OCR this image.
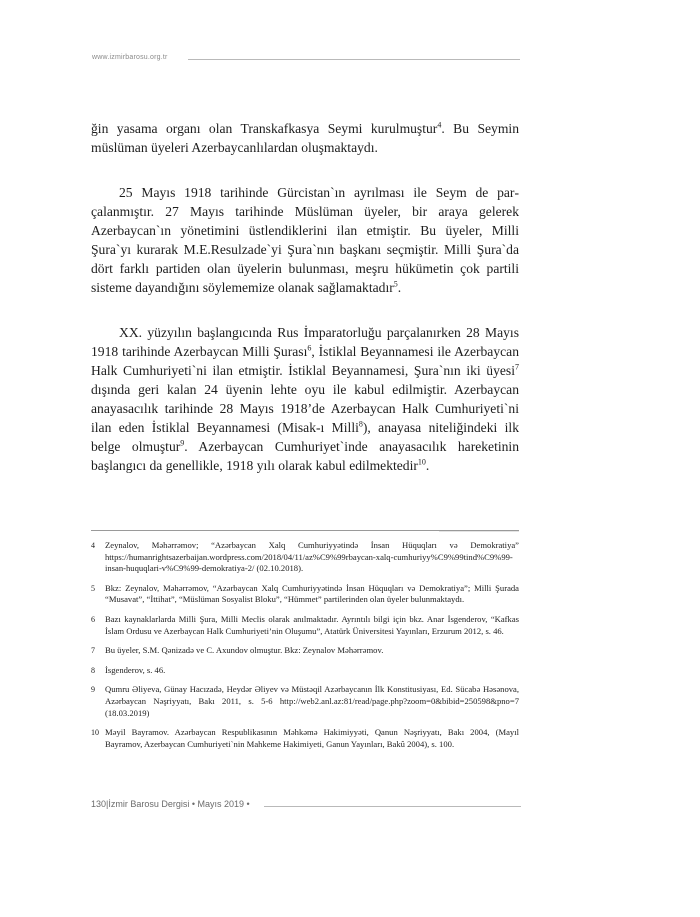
www.izmirbarosu.org.tr

ğin yasama organı olan Transkafkasya Seymi kurulmuştur$^4$. Bu Seymin müslüman üyeleri Azerbaycanlılardan oluşmaktaydı.

25 Mayıs 1918 tarihinde Gürcistan`ın ayrılması ile Seym de parçalanmıştır. 27 Mayıs tarihinde Müslüman üyeler, bir araya gelerek Azerbaycan`ın yönetimini üstlendiklerini ilan etmiştir. Bu üyeler, Milli Şura`yı kurarak M.E.Resulzade`yi Şura`nın başkanı seçmiştir. Milli Şura`da dört farklı partiden olan üyelerin bulunması, meşru hükümetin çok partili sisteme dayandığını söylememize olanak sağlamaktadır$^5$.

XX. yüzyılın başlangıcında Rus İmparatorluğu parçalanırken 28 Mayıs 1918 tarihinde Azerbaycan Milli Şurası$^6$, İstiklal Beyannamesi ile Azerbaycan Halk Cumhuriyeti`ni ilan etmiştir. İstiklal Beyannamesi, Şura`nın iki üyesi$^7$ dışında geri kalan 24 üyenin lehte oyu ile kabul edilmiştir. Azerbaycan anayasacılık tarihinde 28 Mayıs 1918’de Azerbaycan Halk Cumhuriyeti`ni ilan eden İstiklal Beyannamesi (Misak-ı Milli$^8$), anayasa niteliğindeki ilk belge olmuştur$^9$. Azerbaycan Cumhuriyet`inde anayasacılık hareketinin başlangıcı da genellikle, 1918 yılı olarak kabul edilmektedir$^{10}$.

4	Zeynalov, Məhərrəmov; “Azərbaycan Xalq Cumhuriyyətində İnsan Hüquqları və Demokratiya” https://humanrightsazerbaijan.wordpress.com/2018/04/11/az%C9%99rbaycan-xalq-cumhuriyy%C9%99tind%C9%99-insan-huquqlari-v%C9%99-demokratiya-2/ (02.10.2018).
5	Bkz: Zeynalov, Məhərrəmov, “Azərbaycan Xalq Cumhuriyyətində İnsan Hüquqları və Demokratiya”; Milli Şurada “Musavat”, “İttihat”, “Müslüman Sosyalist Bloku”, “Hümmet” partilerinden olan üyeler bulunmaktaydı.
6	Bazı kaynaklarlarda Milli Şura, Milli Meclis olarak anılmaktadır. Ayrıntılı bilgi için bkz. Anar İsgenderov, “Kafkas İslam Ordusu ve Azerbaycan Halk Cumhuriyeti’nin Oluşumu”, Atatürk Üniversitesi Yayınları, Erzurum 2012, s. 46.
7	Bu üyeler, S.M. Qənizadə ve C. Axundov olmuştur. Bkz: Zeynalov Məhərrəmov.
8	İsgenderov, s. 46.
9	Qumru Əliyeva, Günay Hacızadə, Heydər Əliyev və Müstəqil Azərbaycanın İlk Konstitusiyası, Ed. Sücabə Həsənova, Azərbaycan Nəşriyyatı, Bakı 2011, s. 5-6 http://web2.anl.az:81/read/page.php?zoom=0&bibid=250598&pno=7 (18.03.2019)
10 Məyil Bayramov. Azərbaycan Respublikasının Məhkəmə Hakimiyyəti, Qanun Nəşriyyatı, Bakı 2004, (Mayıl Bayramov, Azerbaycan Cumhuriyeti`nin Mahkeme Hakimiyeti, Ganun Yayınları, Bakû 2004), s. 100.
130|İzmir Barosu Dergisi • Mayıs 2019 •
